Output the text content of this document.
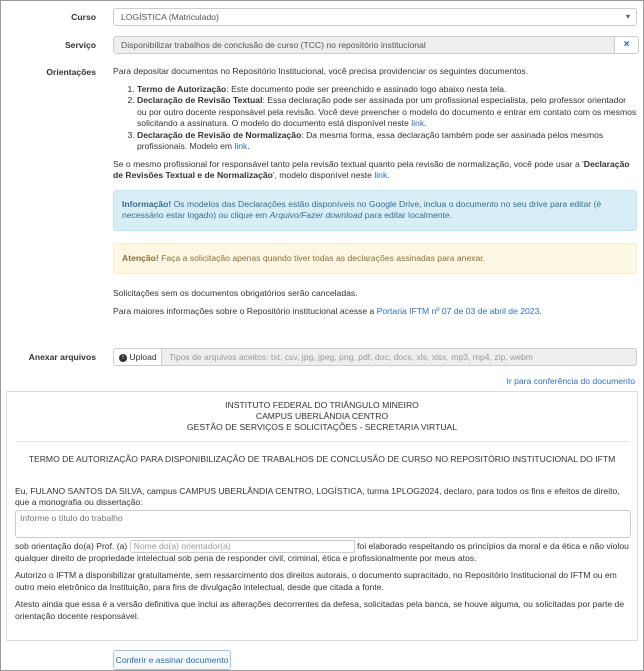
Curso	LOGÍSTICA (Matriculado)	▾
Serviço	Disponibilizar trabalhos de conclusão de curso (TCC) no repositório institucional	×
Orientações Para depositar documentos no Repositório Institucional, você precisa providenciar os seguintes documentos.

1. Termo de Autorização: Este documento pode ser preenchido e assinado logo abaixo nesta tela.
2. Declaração de Revisão Textual: Essa declaração pode ser assinada por um profissional especialista, pelo professor orientador ou por outro docente responsável pela revisão. Você deve preencher o modelo do documento e entrar em contato com os mesmos solicitando a assinatura. O modelo do documento está disponível neste link.
3. Declaração de Revisão de Normalização: Da mesma forma, essa declaração também pode ser assinada pelos mesmos profissionais. Modelo em link.

Se o mesmo profissional for responsável tanto pela revisão textual quanto pela revisão de normalização, você pode usar a 'Declaração de Revisões Textual e de Normalização', modelo disponível neste link.

Informação! Os modelos das Declarações estão disponíveis no Google Drive, inclua o documento no seu drive para editar (é necessário estar logado) ou clique em Arquivo/Fazer download para editar localmente.
Atenção! Faça a solicitação apenas quando tiver todas as declarações assinadas para anexar.

Solicitações sem os documentos obrigatórios serão canceladas.

Para maiores informações sobre o Repositório institucional acesse a Portaria IFTM nº 07 de 03 de abril de 2023.

Anexar arquivos	↑ Upload	Tipos de arquivos aceitos: txt, csv, jpg, jpeg, png, pdf, doc, docx, xls, xlsx, mp3, mp4, zip, webm
Ir para conferência do documento
INSTITUTO FEDERAL DO TRIÂNGULO MINEIRO
CAMPUS UBERLÂNDIA CENTRO
GESTÃO DE SERVIÇOS E SOLICITAÇÕES - SECRETARIA VIRTUAL
TERMO DE AUTORIZAÇÃO PARA DISPONIBILIZAÇÃO DE TRABALHOS DE CONCLUSÃO DE CURSO NO REPOSITÓRIO INSTITUCIONAL DO IFTM
Eu, FULANO SANTOS DA SILVA, campus CAMPUS UBERLÂNDIA CENTRO, LOGÍSTICA, turma 1PLOG2024, declaro, para todos os fins e efeitos de direito, que a monografia ou dissertação:
Informe o título do trabalho

sob orientação do(a) Prof. (a) Nome do(a) orientador(a)	foi elaborado respeitando os princípios da moral e da ética e não violou qualquer direito de propriedade intelectual sob pena de responder civil, criminal, ética e profissionalmente por meus atos.

Autorizo o IFTM a disponibilizar gratuitamente, sem ressarcimento dos direitos autorais, o documento supracitado, no Repositório Institucional do IFTM ou em outro meio eletrônico da Instituição, para fins de divulgação intelectual, desde que citada a fonte.

Atesto ainda que essa é a versão definitiva que inclui as alterações decorrentes da defesa, solicitadas pela banca, se houve alguma, ou solicitadas por parte de orientação docente responsável.

Conferir e assinar documento
